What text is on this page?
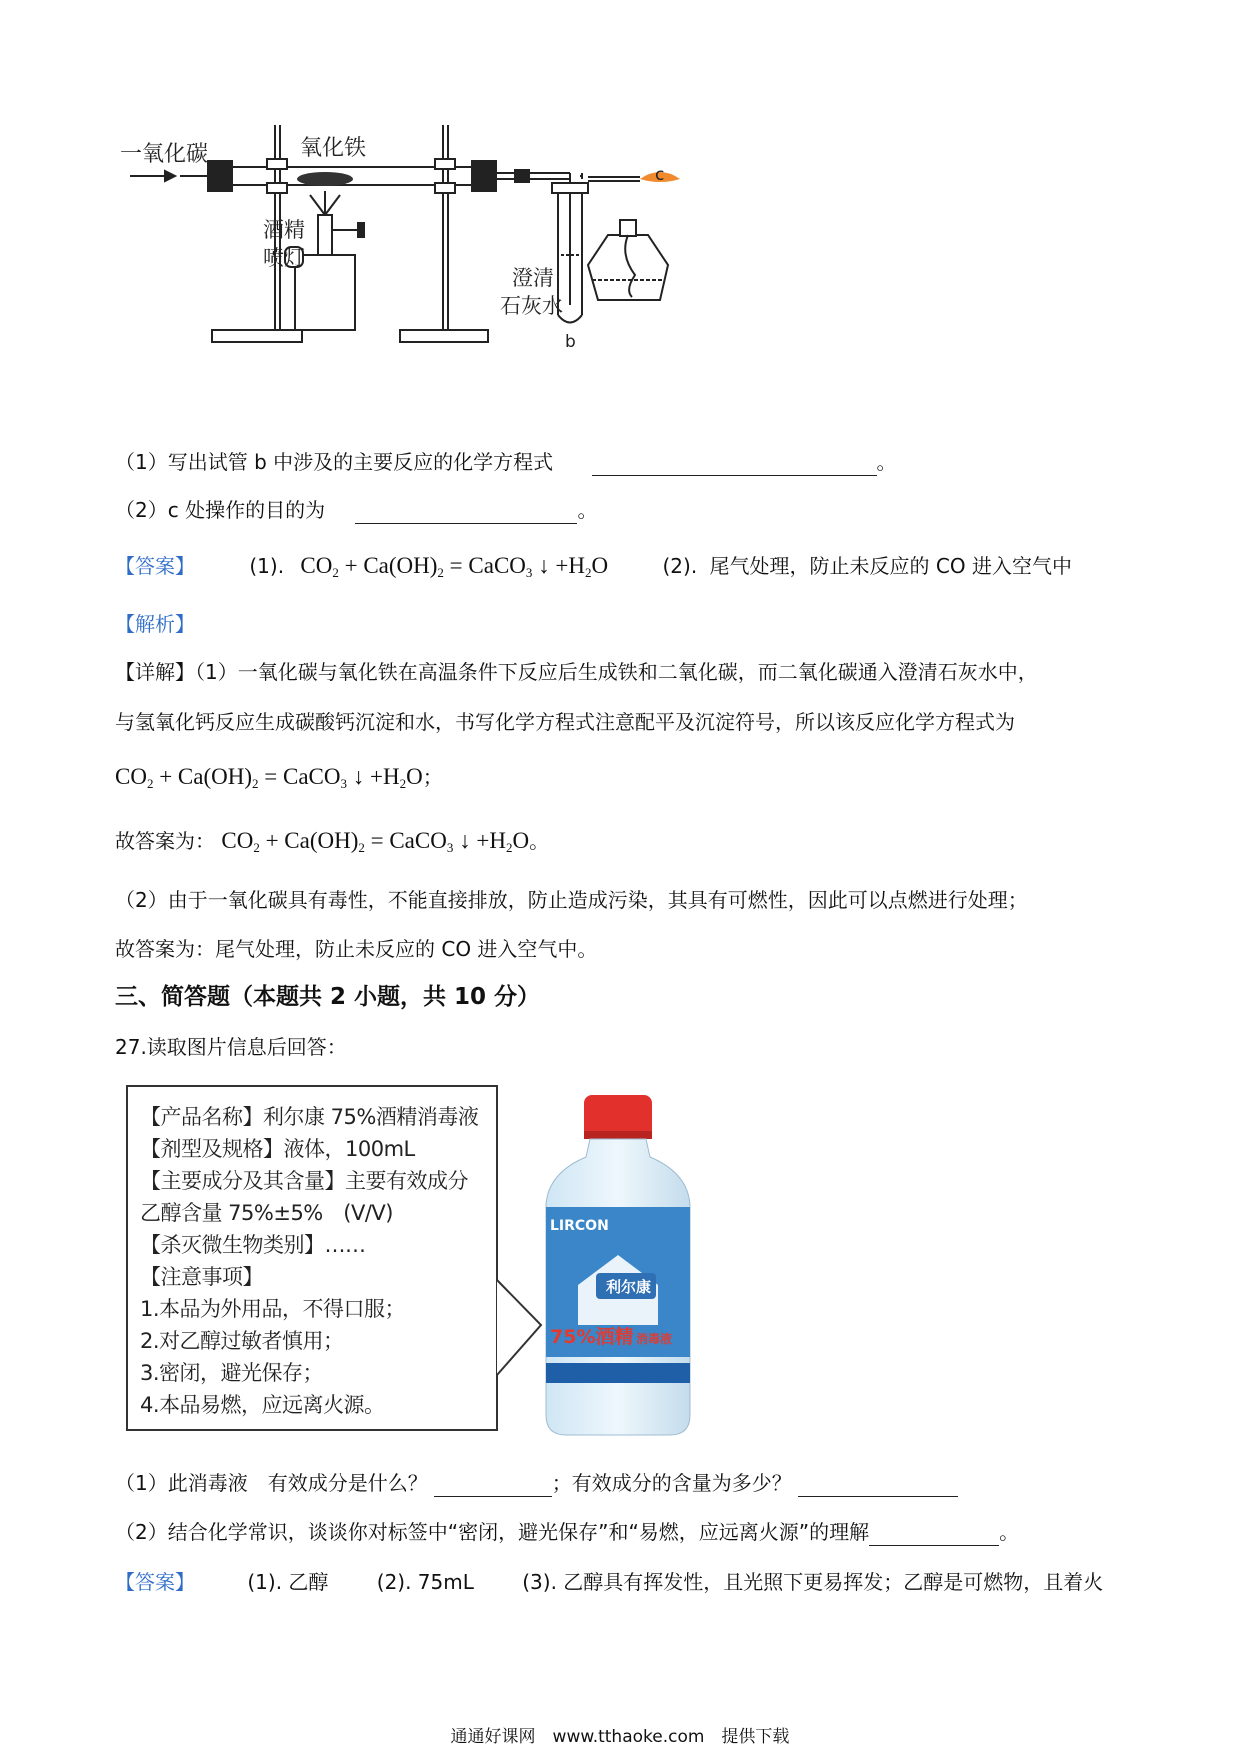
一氧化碳	氧化铁
酒精
喷灯
澄清
石灰水
b
c
（1）写出试管 b 中涉及的主要反应的化学方程式	。
（2）c 处操作的目的为	。
【答案】	(1). $CO_2 + Ca(OH)_2$ = CaCO$_3$ ↓ $+H_2O$	(2). 尾气处理，防止未反应的 CO 进入空气中
【解析】
【详解】（1）一氧化碳与氧化铁在高温条件下反应后生成铁和二氧化碳，而二氧化碳通入澄清石灰水中，
与氢氧化钙反应生成碳酸钙沉淀和水，书写化学方程式注意配平及沉淀符号，所以该反应化学方程式为
$CO_2 + Ca(OH)_2$ = CaCO$_3$ ↓ $+H_2O$；
故答案为： $CO_2 + Ca(OH)_2$ = CaCO$_3$ ↓ $+H_2O$。
（2）由于一氧化碳具有毒性，不能直接排放，防止造成污染，其具有可燃性，因此可以点燃进行处理；
故答案为：尾气处理，防止未反应的 CO 进入空气中。
三、简答题（本题共 2 小题，共 10 分）
27.读取图片信息后回答：
【产品名称】利尔康 75%酒精消毒液
【剂型及规格】液体，100mL
【主要成分及其含量】主要有效成分
乙醇含量 75%±5%　(V/V)
【杀灭微生物类别】……
【注意事项】
1.本品为外用品，不得口服；
2.对乙醇过敏者慎用；
3.密闭，避光保存；
4.本品易燃，应远离火源。
LIRCON
利尔康
75%酒精 消毒液
（1）此消毒液　有效成分是什么？	；有效成分的含量为多少？
（2）结合化学常识，谈谈你对标签中“密闭，避光保存”和“易燃，应远离火源”的理解	。
【答案】	(1). 乙醇 (2). 75mL (3). 乙醇具有挥发性，且光照下更易挥发；乙醇是可燃物，且着火
通通好课网　www.tthaoke.com　提供下载
